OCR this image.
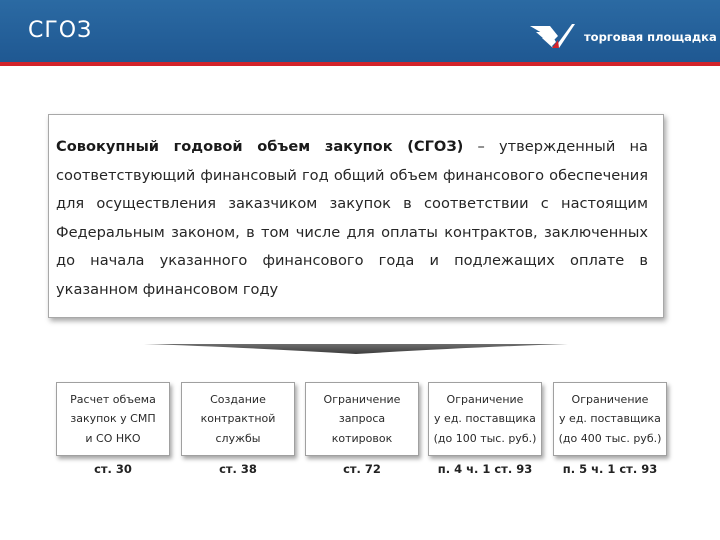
СГОЗ	торговая площадка
Совокупный годовой объем закупок (СГОЗ) – утвержденный на соответствующий финансовый год общий объем финансового обеспечения для осуществления заказчиком закупок в соответствии с настоящим Федеральным законом, в том числе для оплаты контрактов, заключенных до начала указанного финансового года и подлежащих оплате в указанном финансовом году
Расчет объема
закупок у СМП
и СО НКО
ст. 30
Создание
контрактной
службы
ст. 38
Ограничение
запроса
котировок
ст. 72
Ограничение
у ед. поставщика
(до 100 тыс. руб.)
п. 4 ч. 1 ст. 93
Ограничение
у ед. поставщика
(до 400 тыс. руб.)
п. 5 ч. 1 ст. 93
